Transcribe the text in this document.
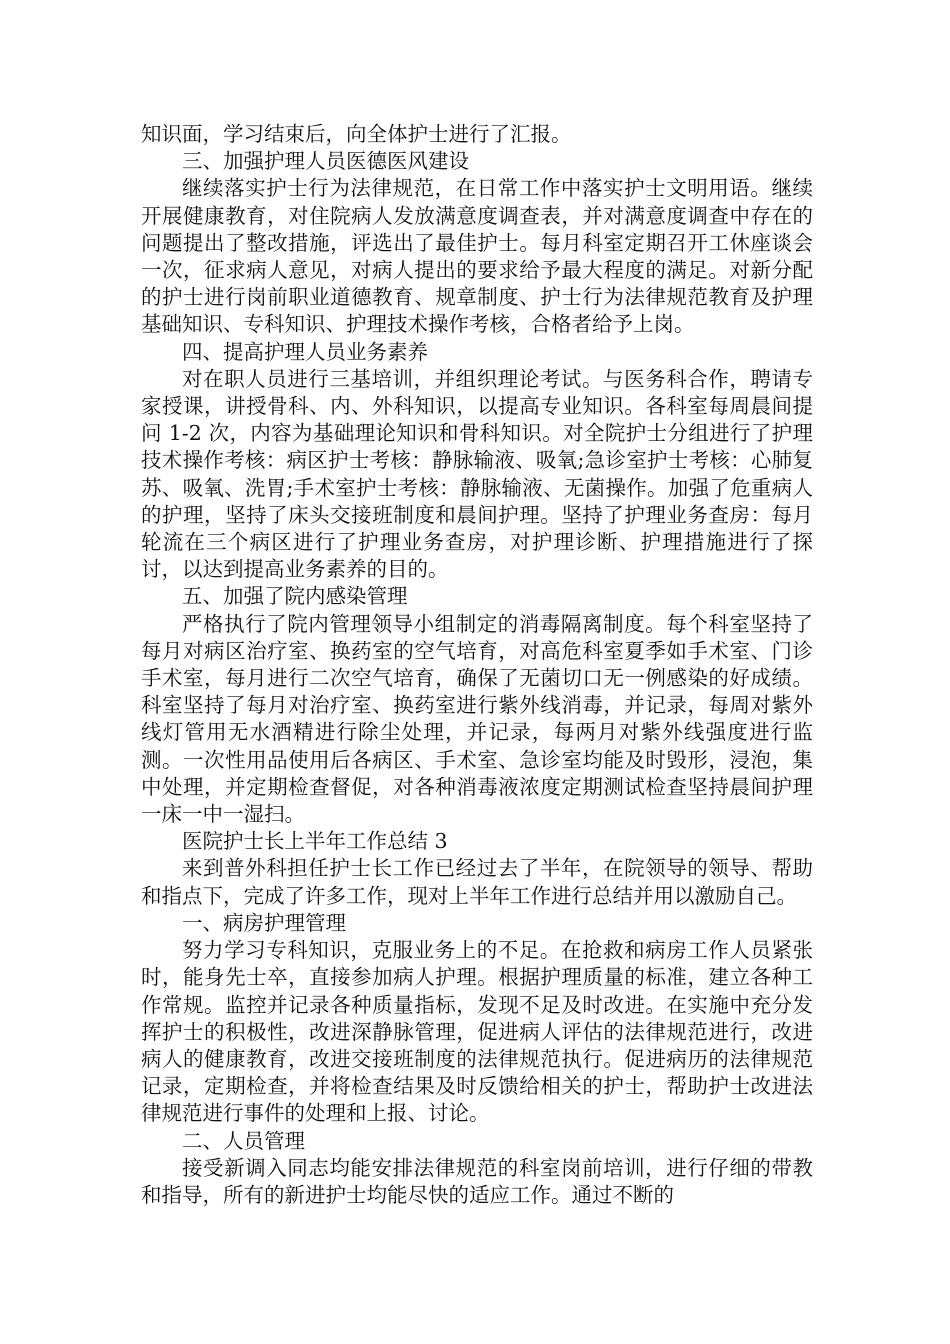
知识面，学习结束后，向全体护士进行了汇报。

三、加强护理人员医德医风建设

继续落实护士行为法律规范，在日常工作中落实护士文明用语。继续开展健康教育，对住院病人发放满意度调查表，并对满意度调查中存在的问题提出了整改措施，评选出了最佳护士。每月科室定期召开工休座谈会一次，征求病人意见，对病人提出的要求给予最大程度的满足。对新分配的护士进行岗前职业道德教育、规章制度、护士行为法律规范教育及护理基础知识、专科知识、护理技术操作考核，合格者给予上岗。

四、提高护理人员业务素养

对在职人员进行三基培训，并组织理论考试。与医务科合作，聘请专家授课，讲授骨科、内、外科知识，以提高专业知识。各科室每周晨间提问 1-2 次，内容为基础理论知识和骨科知识。对全院护士分组进行了护理技术操作考核：病区护士考核：静脉输液、吸氧;急诊室护士考核：心肺复苏、吸氧、洗胃;手术室护士考核：静脉输液、无菌操作。加强了危重病人的护理，坚持了床头交接班制度和晨间护理。坚持了护理业务查房：每月轮流在三个病区进行了护理业务查房，对护理诊断、护理措施进行了探讨，以达到提高业务素养的目的。

五、加强了院内感染管理

严格执行了院内管理领导小组制定的消毒隔离制度。每个科室坚持了每月对病区治疗室、换药室的空气培育，对高危科室夏季如手术室、门诊手术室，每月进行二次空气培育，确保了无菌切口无一例感染的好成绩。科室坚持了每月对治疗室、换药室进行紫外线消毒，并记录，每周对紫外线灯管用无水酒精进行除尘处理，并记录，每两月对紫外线强度进行监测。一次性用品使用后各病区、手术室、急诊室均能及时毁形，浸泡，集中处理，并定期检查督促，对各种消毒液浓度定期测试检查坚持晨间护理一床一中一湿扫。

医院护士长上半年工作总结 3

来到普外科担任护士长工作已经过去了半年，在院领导的领导、帮助和指点下，完成了许多工作，现对上半年工作进行总结并用以激励自己。

一、病房护理管理

努力学习专科知识，克服业务上的不足。在抢救和病房工作人员紧张时，能身先士卒，直接参加病人护理。根据护理质量的标准，建立各种工作常规。监控并记录各种质量指标，发现不足及时改进。在实施中充分发挥护士的积极性，改进深静脉管理，促进病人评估的法律规范进行，改进病人的健康教育，改进交接班制度的法律规范执行。促进病历的法律规范记录，定期检查，并将检查结果及时反馈给相关的护士，帮助护士改进法律规范进行事件的处理和上报、讨论。

二、人员管理

接受新调入同志均能安排法律规范的科室岗前培训，进行仔细的带教和指导，所有的新进护士均能尽快的适应工作。通过不断的
